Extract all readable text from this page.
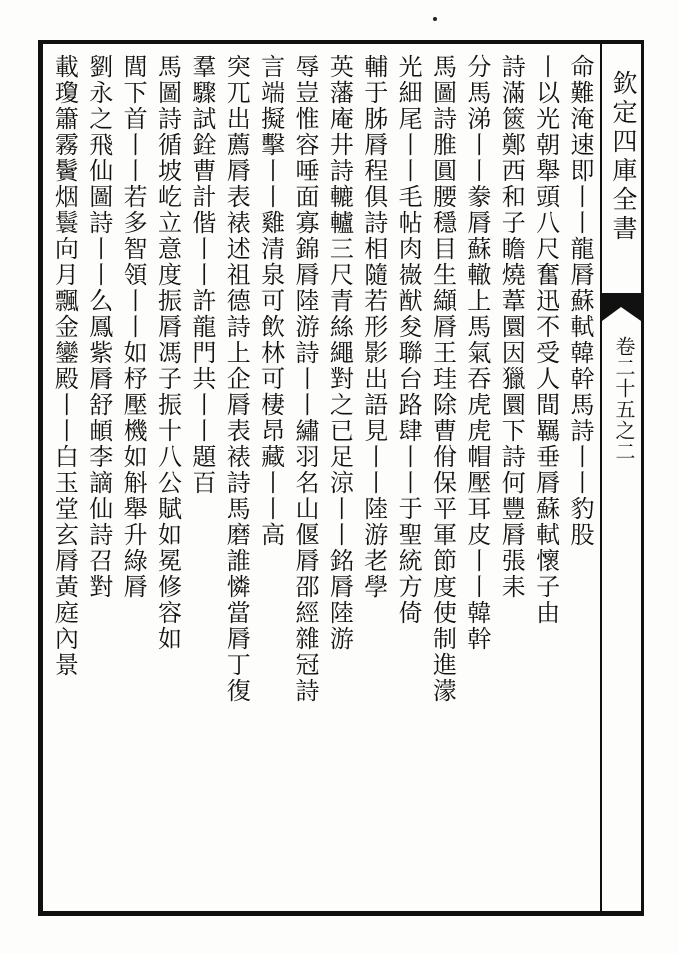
欽定四庫全書
卷二十五之二
命難淹速即丨丨龍脣蘇軾韓幹馬詩丨丨豹股
丨以光朝舉頭八尺奮迅不受人間羈垂脣蘇軾懷子由
詩滿篋鄭西和子瞻燒葦圜因獵圜下詩何豐脣張耒
分馬涕丨丨豢脣蘇轍上馬氣吞虎虎帽壓耳皮丨丨韓幹
馬圖詩脽圓腰穩目生纈脣王珪除曹佾保平軍節度使制進濛
光細尾丨丨毛帖肉嶶猷夋聯台路肆丨丨于聖統方倚
輔于胏脣程俱詩相隨若形影出語見丨丨陸游老學
英藩庵井詩轆轤三尺青絲繩對之已足涼丨丨銘脣陸游
辱豈惟容唾面寡錦脣陸游詩丨丨繡羽名山偃脣邵經雜冠詩
言端擬擊丨丨雞清泉可飲林可棲昂藏丨丨高
突兀出薦脣表裱述祖德詩上企脣表裱詩馬磨誰憐當脣丁復
羣驟試銓曹計偕丨丨許龍門共丨丨題百
馬圖詩循坡屹立意度振脣馮子振十八公賦如冕修容如
閭下首丨丨若多智領丨丨如杼壓機如斛舉升綠脣
劉永之飛仙圖詩丨丨么鳳紫脣舒頔李謫仙詩召對
載瓊簫霧鬢烟鬟向月飄金鑾殿丨丨白玉堂玄脣黃庭內景
